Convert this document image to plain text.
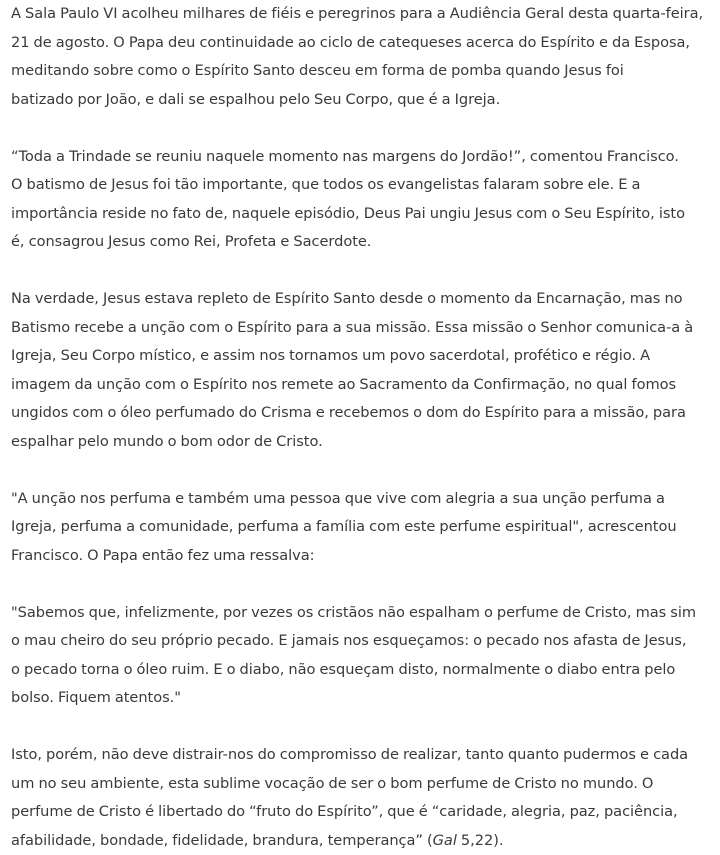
A Sala Paulo VI acolheu milhares de fiéis e peregrinos para a Audiência Geral desta quarta-feira,
21 de agosto. O Papa deu continuidade ao ciclo de catequeses acerca do Espírito e da Esposa,
meditando sobre como o Espírito Santo desceu em forma de pomba quando Jesus foi
batizado por João, e dali se espalhou pelo Seu Corpo, que é a Igreja.

“Toda a Trindade se reuniu naquele momento nas margens do Jordão!”, comentou Francisco.
O batismo de Jesus foi tão importante, que todos os evangelistas falaram sobre ele. E a
importância reside no fato de, naquele episódio, Deus Pai ungiu Jesus com o Seu Espírito, isto
é, consagrou Jesus como Rei, Profeta e Sacerdote.

Na verdade, Jesus estava repleto de Espírito Santo desde o momento da Encarnação, mas no
Batismo recebe a unção com o Espírito para a sua missão. Essa missão o Senhor comunica-a à
Igreja, Seu Corpo místico, e assim nos tornamos um povo sacerdotal, profético e régio. A
imagem da unção com o Espírito nos remete ao Sacramento da Confirmação, no qual fomos
ungidos com o óleo perfumado do Crisma e recebemos o dom do Espírito para a missão, para
espalhar pelo mundo o bom odor de Cristo.

"A unção nos perfuma e também uma pessoa que vive com alegria a sua unção perfuma a
Igreja, perfuma a comunidade, perfuma a família com este perfume espiritual", acrescentou
Francisco. O Papa então fez uma ressalva:

"Sabemos que, infelizmente, por vezes os cristãos não espalham o perfume de Cristo, mas sim
o mau cheiro do seu próprio pecado. E jamais nos esqueçamos: o pecado nos afasta de Jesus,
o pecado torna o óleo ruim. E o diabo, não esqueçam disto, normalmente o diabo entra pelo
bolso. Fiquem atentos."

Isto, porém, não deve distrair-nos do compromisso de realizar, tanto quanto pudermos e cada
um no seu ambiente, esta sublime vocação de ser o bom perfume de Cristo no mundo. O
perfume de Cristo é libertado do “fruto do Espírito”, que é “caridade, alegria, paz, paciência,
afabilidade, bondade, fidelidade, brandura, temperança” (Gal 5,22).
